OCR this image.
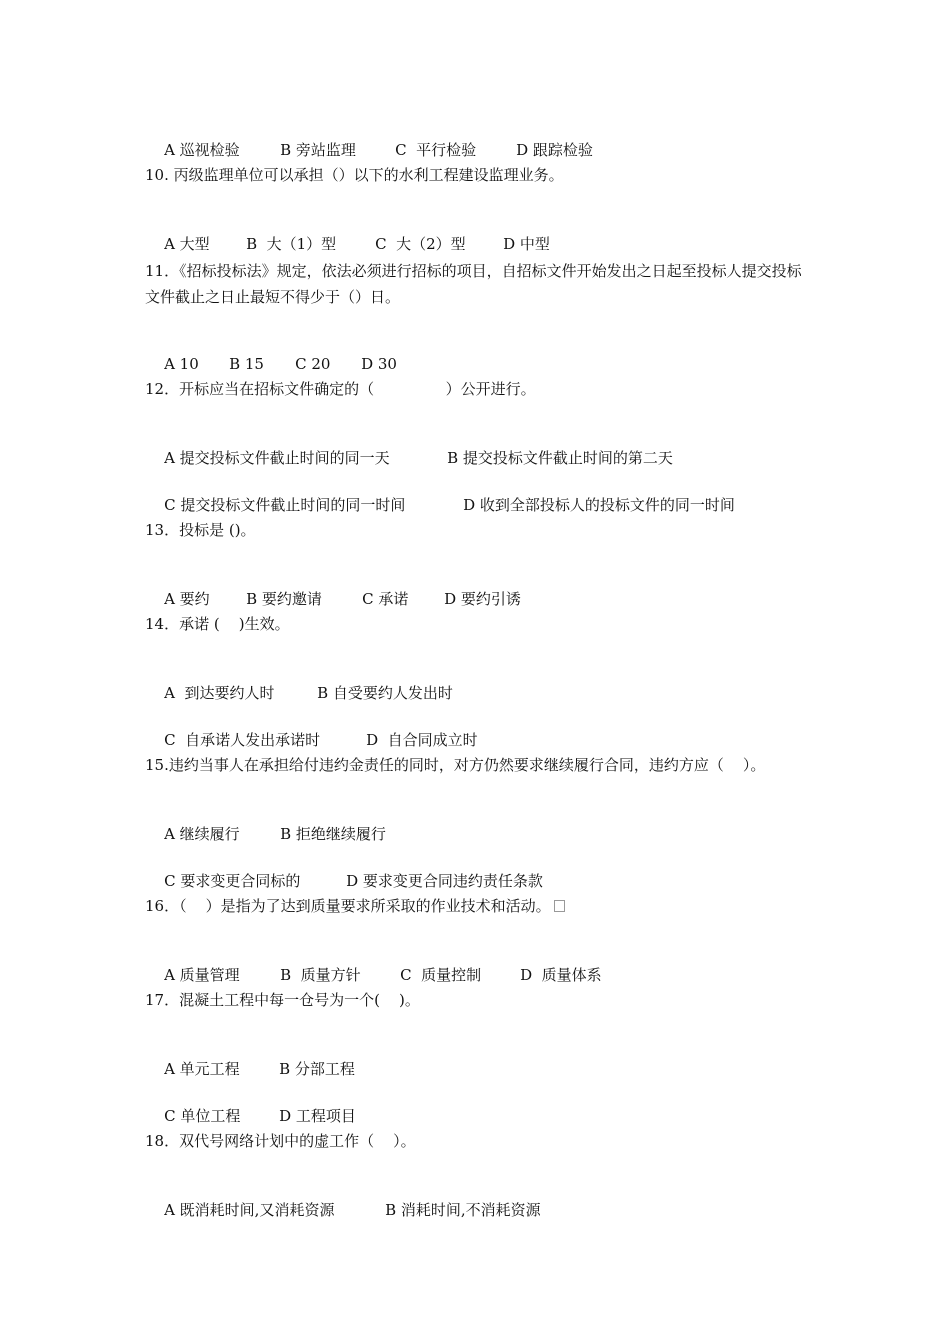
A 巡视检验	B 旁站监理	C  平行检验	D 跟踪检验

10. 丙级监理单位可以承担（）以下的水利工程建设监理业务。

A 大型 B  大（1）型	C  大（2）型 D 中型

11．《招标投标法》规定，依法必须进行招标的项目，自招标文件开始发出之日起至投标人提交投标文件截止之日止最短不得少于（）日。

A 10 B 15 C 20 D 30

12．开标应当在招标文件确定的（               ）公开进行。

A 提交投标文件截止时间的同一天	B 提交投标文件截止时间的第二天

C 提交投标文件截止时间的同一时间	D 收到全部投标人的投标文件的同一时间

13．投标是 ()。

A 要约 B 要约邀请	C 承诺 D 要约引诱

14．承诺 (    )生效。

A  到达要约人时	B 自受要约人发出时

C  自承诺人发出承诺时	D  自合同成立时

15.违约当事人在承担给付违约金责任的同时，对方仍然要求继续履行合同，违约方应（    ）。

A 继续履行	B 拒绝继续履行

C 要求变更合同标的	D 要求变更合同违约责任条款

16．（    ）是指为了达到质量要求所采取的作业技术和活动。

A 质量管理	B  质量方针	C  质量控制	D  质量体系

17．混凝土工程中每一仓号为一个(    )。

A 单元工程	B 分部工程

C 单位工程	D 工程项目

18．双代号网络计划中的虚工作（    ）。

A 既消耗时间,又消耗资源	B 消耗时间,不消耗资源
